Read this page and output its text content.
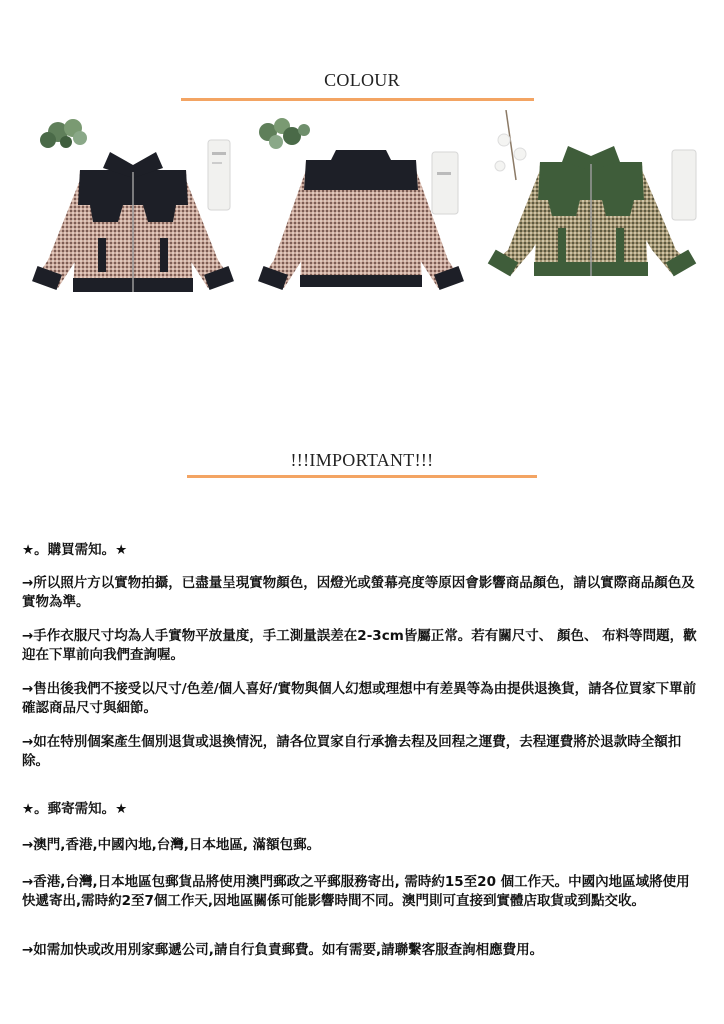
COLOUR
!!!IMPORTANT!!!
★。購買需知。★
→所以照片方以實物拍攝，已盡量呈現實物顏色，因燈光或螢幕亮度等原因會影響商品顏色，請以實際商品顏色及實物為準。
→手作衣服尺寸均為人手實物平放量度，手工測量誤差在2-3cm皆屬正常。若有關尺寸、 顏色、 布料等問題，歡迎在下單前向我們查詢喔。
→售出後我們不接受以尺寸/色差/個人喜好/實物與個人幻想或理想中有差異等為由提供退換貨，請各位買家下單前確認商品尺寸與細節。
→如在特別個案產生個別退貨或退換情況，請各位買家自行承擔去程及回程之運費，去程運費將於退款時全額扣除。
★。郵寄需知。★
→澳門,香港,中國內地,台灣,日本地區, 滿額包郵。
→香港,台灣,日本地區包郵貨品將使用澳門郵政之平郵服務寄出, 需時約15至20 個工作天。中國內地區域將使用快遞寄出,需時約2至7個工作天,因地區關係可能影響時間不同。澳門則可直接到實體店取貨或到點交收。
→如需加快或改用別家郵遞公司,請自行負責郵費。如有需要,請聯繫客服查詢相應費用。
